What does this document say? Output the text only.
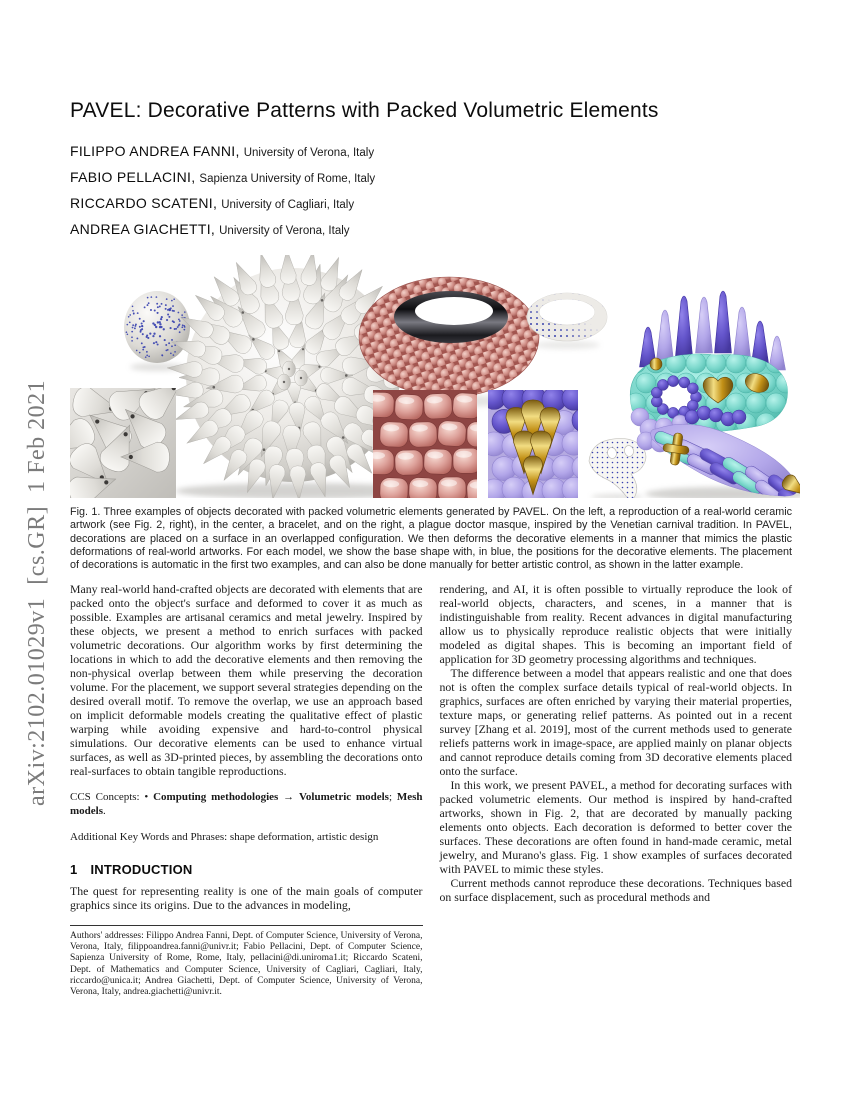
arXiv:2102.01029v1  [cs.GR]  1 Feb 2021
PAVEL: Decorative Patterns with Packed Volumetric Elements
FILIPPO ANDREA FANNI, University of Verona, Italy
FABIO PELLACINI, Sapienza University of Rome, Italy
RICCARDO SCATENI, University of Cagliari, Italy
ANDREA GIACHETTI, University of Verona, Italy
Fig. 1. Three examples of objects decorated with packed volumetric elements generated by PAVEL. On the left, a reproduction of a real-world ceramic artwork (see Fig. 2, right), in the center, a bracelet, and on the right, a plague doctor masque, inspired by the Venetian carnival tradition. In PAVEL, decorations are placed on a surface in an overlapped configuration. We then deforms the decorative elements in a manner that mimics the plastic deformations of real-world artworks. For each model, we show the base shape with, in blue, the positions for the decorative elements. The placement of decorations is automatic in the first two examples, and can also be done manually for better artistic control, as shown in the latter example.

Many real-world hand-crafted objects are decorated with elements that are packed onto the object's surface and deformed to cover it as much as possible. Examples are artisanal ceramics and metal jewelry. Inspired by these objects, we present a method to enrich surfaces with packed volumetric decorations. Our algorithm works by first determining the locations in which to add the decorative elements and then removing the non-physical overlap between them while preserving the decoration volume. For the placement, we support several strategies depending on the desired overall motif. To remove the overlap, we use an approach based on implicit deformable models creating the qualitative effect of plastic warping while avoiding expensive and hard-to-control physical simulations. Our decorative elements can be used to enhance virtual surfaces, as well as 3D-printed pieces, by assembling the decorations onto real-surfaces to obtain tangible reproductions.

CCS Concepts: • Computing methodologies → Volumetric models; Mesh models.

Additional Key Words and Phrases: shape deformation, artistic design

1 INTRODUCTION

The quest for representing reality is one of the main goals of computer graphics since its origins. Due to the advances in modeling,

Authors' addresses: Filippo Andrea Fanni, Dept. of Computer Science, University of Verona, Verona, Italy, filippoandrea.fanni@univr.it; Fabio Pellacini, Dept. of Computer Science, Sapienza University of Rome, Rome, Italy, pellacini@di.uniroma1.it; Riccardo Scateni, Dept. of Mathematics and Computer Science, University of Cagliari, Cagliari, Italy, riccardo@unica.it; Andrea Giachetti, Dept. of Computer Science, University of Verona, Verona, Italy, andrea.giachetti@univr.it.

rendering, and AI, it is often possible to virtually reproduce the look of real-world objects, characters, and scenes, in a manner that is indistinguishable from reality. Recent advances in digital manufacturing allow us to physically reproduce realistic objects that were initially modeled as digital shapes. This is becoming an important field of application for 3D geometry processing algorithms and techniques.

The difference between a model that appears realistic and one that does not is often the complex surface details typical of real-world objects. In graphics, surfaces are often enriched by varying their material properties, texture maps, or generating relief patterns. As pointed out in a recent survey [Zhang et al. 2019], most of the current methods used to generate reliefs patterns work in image-space, are applied mainly on planar objects and cannot reproduce details coming from 3D decorative elements placed onto the surface.

In this work, we present PAVEL, a method for decorating surfaces with packed volumetric elements. Our method is inspired by hand-crafted artworks, shown in Fig. 2, that are decorated by manually packing elements onto objects. Each decoration is deformed to better cover the surfaces. These decorations are often found in hand-made ceramic, metal jewelry, and Murano's glass. Fig. 1 show examples of surfaces decorated with PAVEL to mimic these styles.

Current methods cannot reproduce these decorations. Techniques based on surface displacement, such as procedural methods and
